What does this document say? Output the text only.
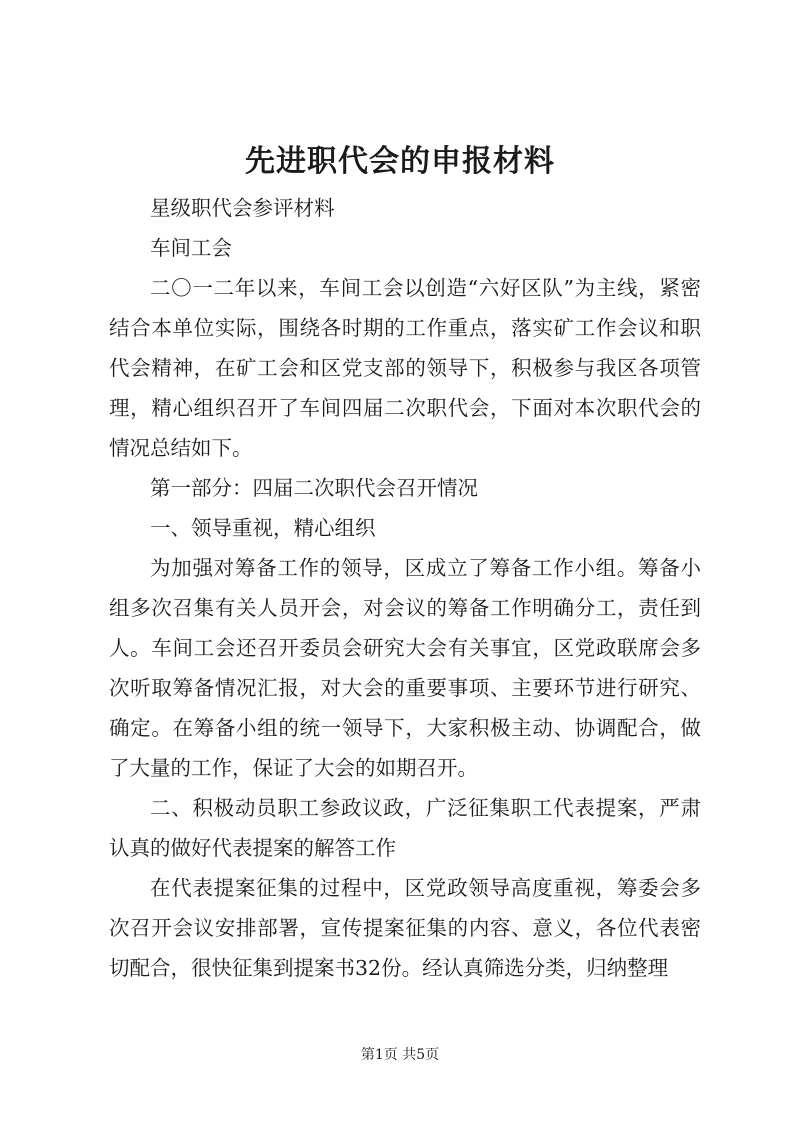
先进职代会的申报材料

星级职代会参评材料

车间工会

二〇一二年以来，车间工会以创造“六好区队”为主线，紧密结合本单位实际，围绕各时期的工作重点，落实矿工作会议和职代会精神，在矿工会和区党支部的领导下，积极参与我区各项管理，精心组织召开了车间四届二次职代会，下面对本次职代会的情况总结如下。

第一部分：四届二次职代会召开情况

一、领导重视，精心组织

为加强对筹备工作的领导，区成立了筹备工作小组。筹备小组多次召集有关人员开会，对会议的筹备工作明确分工，责任到人。车间工会还召开委员会研究大会有关事宜，区党政联席会多次听取筹备情况汇报，对大会的重要事项、主要环节进行研究、确定。在筹备小组的统一领导下，大家积极主动、协调配合，做了大量的工作，保证了大会的如期召开。

二、积极动员职工参政议政，广泛征集职工代表提案，严肃认真的做好代表提案的解答工作

在代表提案征集的过程中，区党政领导高度重视，筹委会多次召开会议安排部署，宣传提案征集的内容、意义，各位代表密切配合，很快征集到提案书32份。经认真筛选分类，归纳整理

第1页 共5页
